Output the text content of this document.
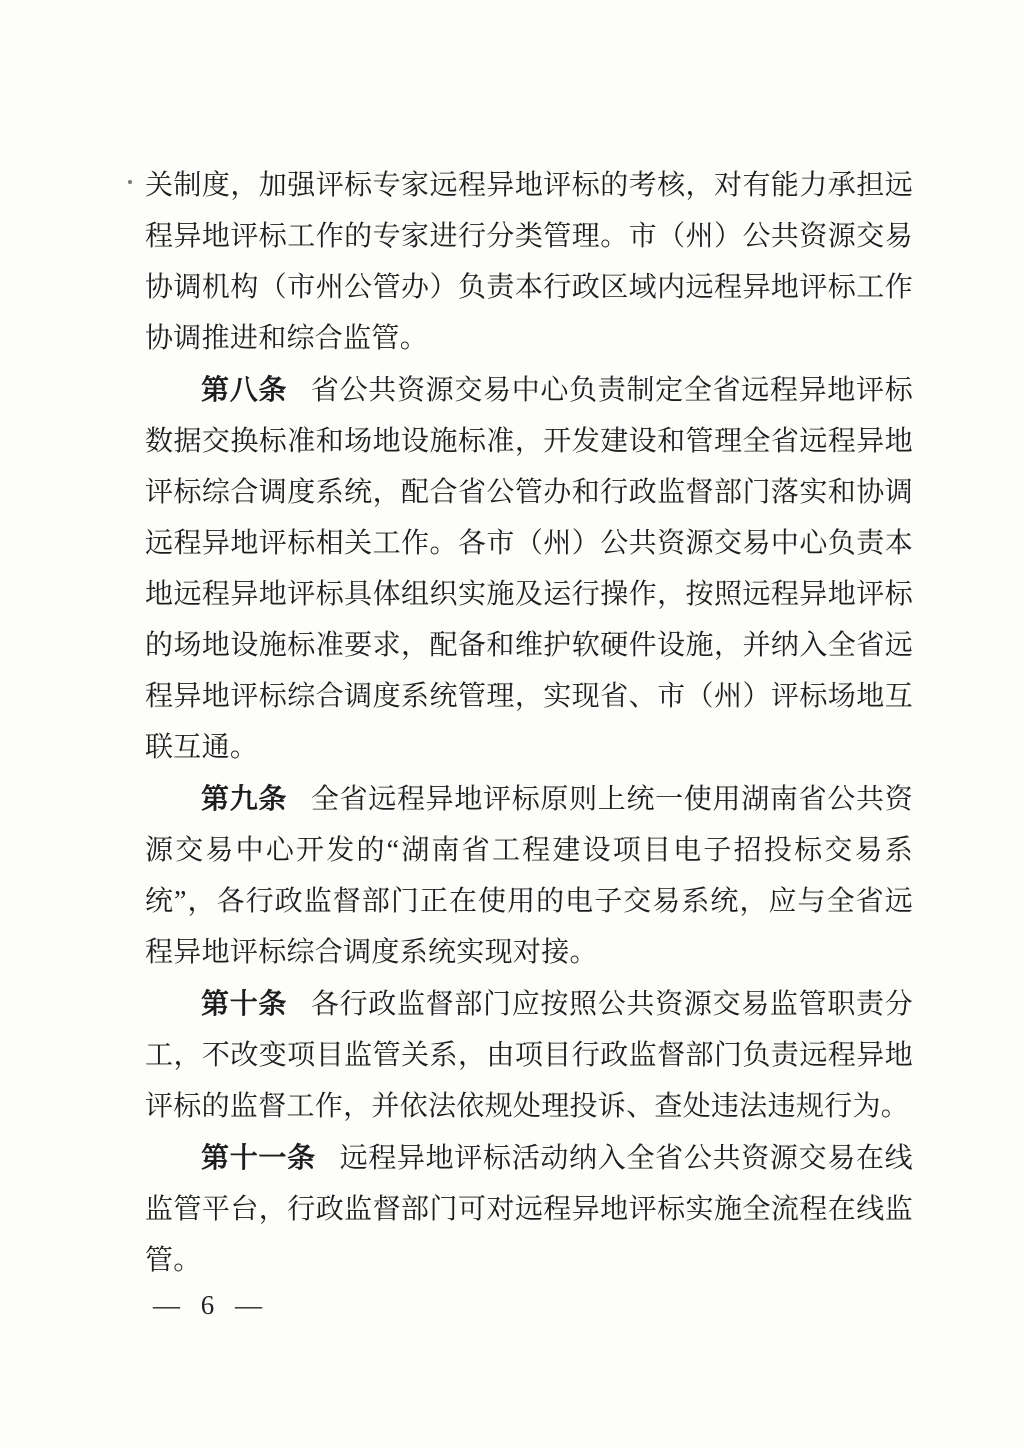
关制度，加强评标专家远程异地评标的考核，对有能力承担远程异地评标工作的专家进行分类管理。市（州）公共资源交易协调机构（市州公管办）负责本行政区域内远程异地评标工作协调推进和综合监管。

第八条 省公共资源交易中心负责制定全省远程异地评标数据交换标准和场地设施标准，开发建设和管理全省远程异地评标综合调度系统，配合省公管办和行政监督部门落实和协调远程异地评标相关工作。各市（州）公共资源交易中心负责本地远程异地评标具体组织实施及运行操作，按照远程异地评标的场地设施标准要求，配备和维护软硬件设施，并纳入全省远程异地评标综合调度系统管理，实现省、市（州）评标场地互联互通。

第九条 全省远程异地评标原则上统一使用湖南省公共资源交易中心开发的“湖南省工程建设项目电子招投标交易系统”，各行政监督部门正在使用的电子交易系统，应与全省远程异地评标综合调度系统实现对接。

第十条 各行政监督部门应按照公共资源交易监管职责分工，不改变项目监管关系，由项目行政监督部门负责远程异地评标的监督工作，并依法依规处理投诉、查处违法违规行为。

第十一条 远程异地评标活动纳入全省公共资源交易在线监管平台，行政监督部门可对远程异地评标实施全流程在线监管。

— 6 —
